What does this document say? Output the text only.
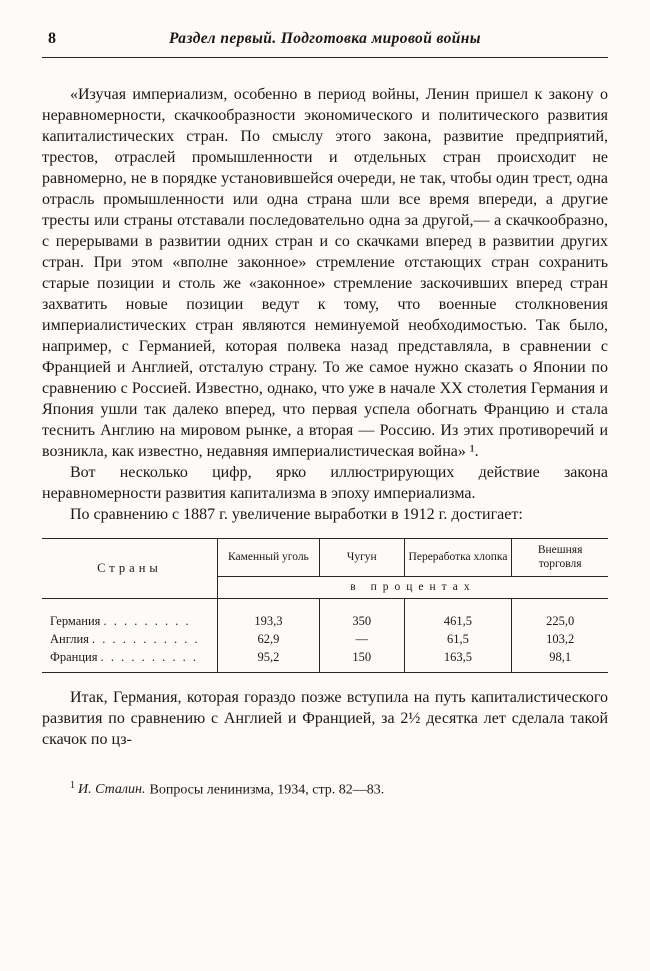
8	Раздел первый. Подготовка мировой войны

«Изучая империализм, особенно в период войны, Ленин пришел к закону о неравномерности, скачкообразности экономического и политического развития капиталистических стран. По смыслу этого закона, развитие предприятий, трестов, отраслей промышленности и отдельных стран происходит не равномерно, не в порядке установившейся очереди, не так, чтобы один трест, одна отрасль промышленности или одна страна шли все время впереди, а другие тресты или страны отставали последовательно одна за другой,— а скачкообразно, с перерывами в развитии одних стран и со скачками вперед в развитии других стран. При этом «вполне законное» стремление отстающих стран сохранить старые позиции и столь же «законное» стремление заскочивших вперед стран захватить новые позиции ведут к тому, что военные столкновения империалистических стран являются неминуемой необходимостью. Так было, например, с Германией, которая полвека назад представляла, в сравнении с Францией и Англией, отсталую страну. То же самое нужно сказать о Японии по сравнению с Россией. Известно, однако, что уже в начале XX столетия Германия и Япония ушли так далеко вперед, что первая успела обогнать Францию и стала теснить Англию на мировом рынке, а вторая — Россию. Из этих противоречий и возникла, как известно, недавняя империалистическая война» ¹.

Вот несколько цифр, ярко иллюстрирующих действие закона неравномерности развития капитализма в эпоху империализма.

По сравнению с 1887 г. увеличение выработки в 1912 г. достигает:

Страны	Каменный уголь	Чугун	Переработка хлопка	Внешняя торговля
	в процентах			
Германия . . . . . . . . .	193,3	350	461,5	225,0
Англия . . . . . . . . . . .	62,9	—	61,5	103,2
Франция . . . . . . . . . .	95,2	150	163,5	98,1

Итак, Германия, которая гораздо позже вступила на путь капиталистического развития по сравнению с Англией и Францией, за 2½ десятка лет сделала такой скачок по цз-

$^1$ И. Сталин. Вопросы ленинизма, 1934, стр. 82—83.
